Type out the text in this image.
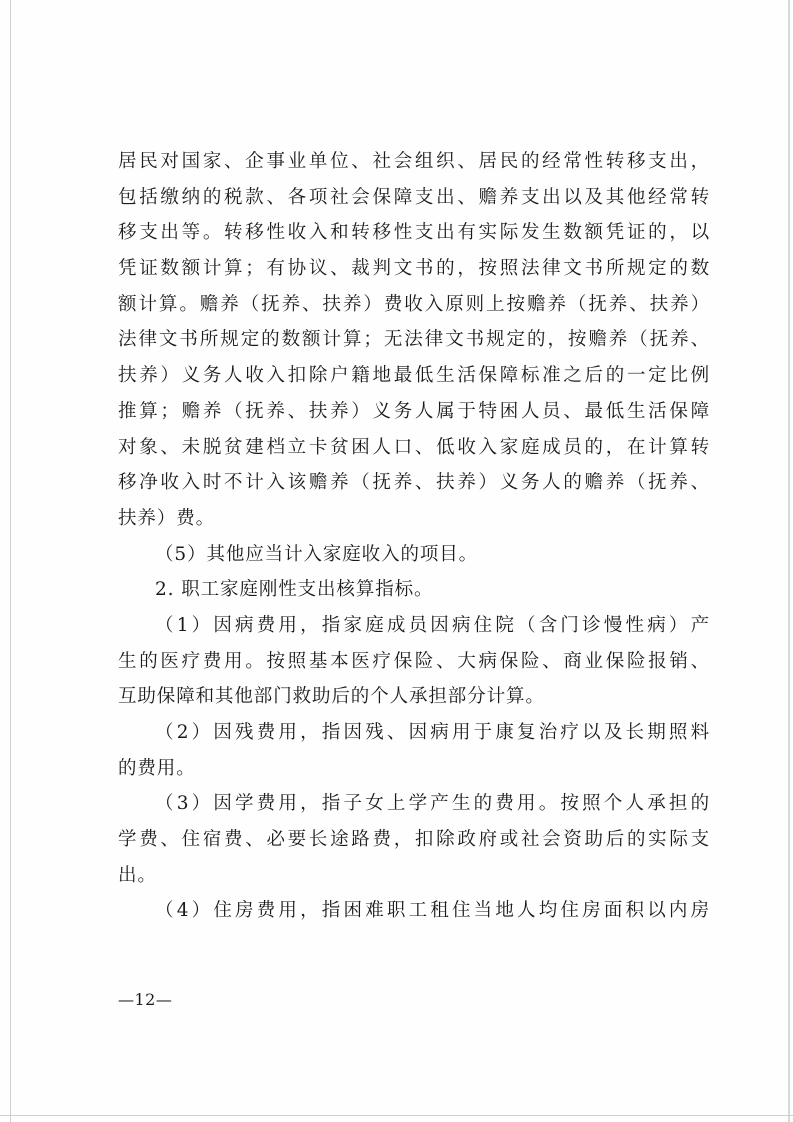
居民对国家、企事业单位、社会组织、居民的经常性转移支出，
包括缴纳的税款、各项社会保障支出、赡养支出以及其他经常转
移支出等。转移性收入和转移性支出有实际发生数额凭证的，以
凭证数额计算；有协议、裁判文书的，按照法律文书所规定的数
额计算。赡养（抚养、扶养）费收入原则上按赡养（抚养、扶养）
法律文书所规定的数额计算；无法律文书规定的，按赡养（抚养、
扶养）义务人收入扣除户籍地最低生活保障标准之后的一定比例
推算；赡养（抚养、扶养）义务人属于特困人员、最低生活保障
对象、未脱贫建档立卡贫困人口、低收入家庭成员的，在计算转
移净收入时不计入该赡养（抚养、扶养）义务人的赡养（抚养、
扶养）费。
（5）其他应当计入家庭收入的项目。
2. 职工家庭刚性支出核算指标。
（1）因病费用，指家庭成员因病住院（含门诊慢性病）产
生的医疗费用。按照基本医疗保险、大病保险、商业保险报销、
互助保障和其他部门救助后的个人承担部分计算。
（2）因残费用，指因残、因病用于康复治疗以及长期照料
的费用。
（3）因学费用，指子女上学产生的费用。按照个人承担的
学费、住宿费、必要长途路费，扣除政府或社会资助后的实际支
出。
（4）住房费用，指困难职工租住当地人均住房面积以内房
—12—
